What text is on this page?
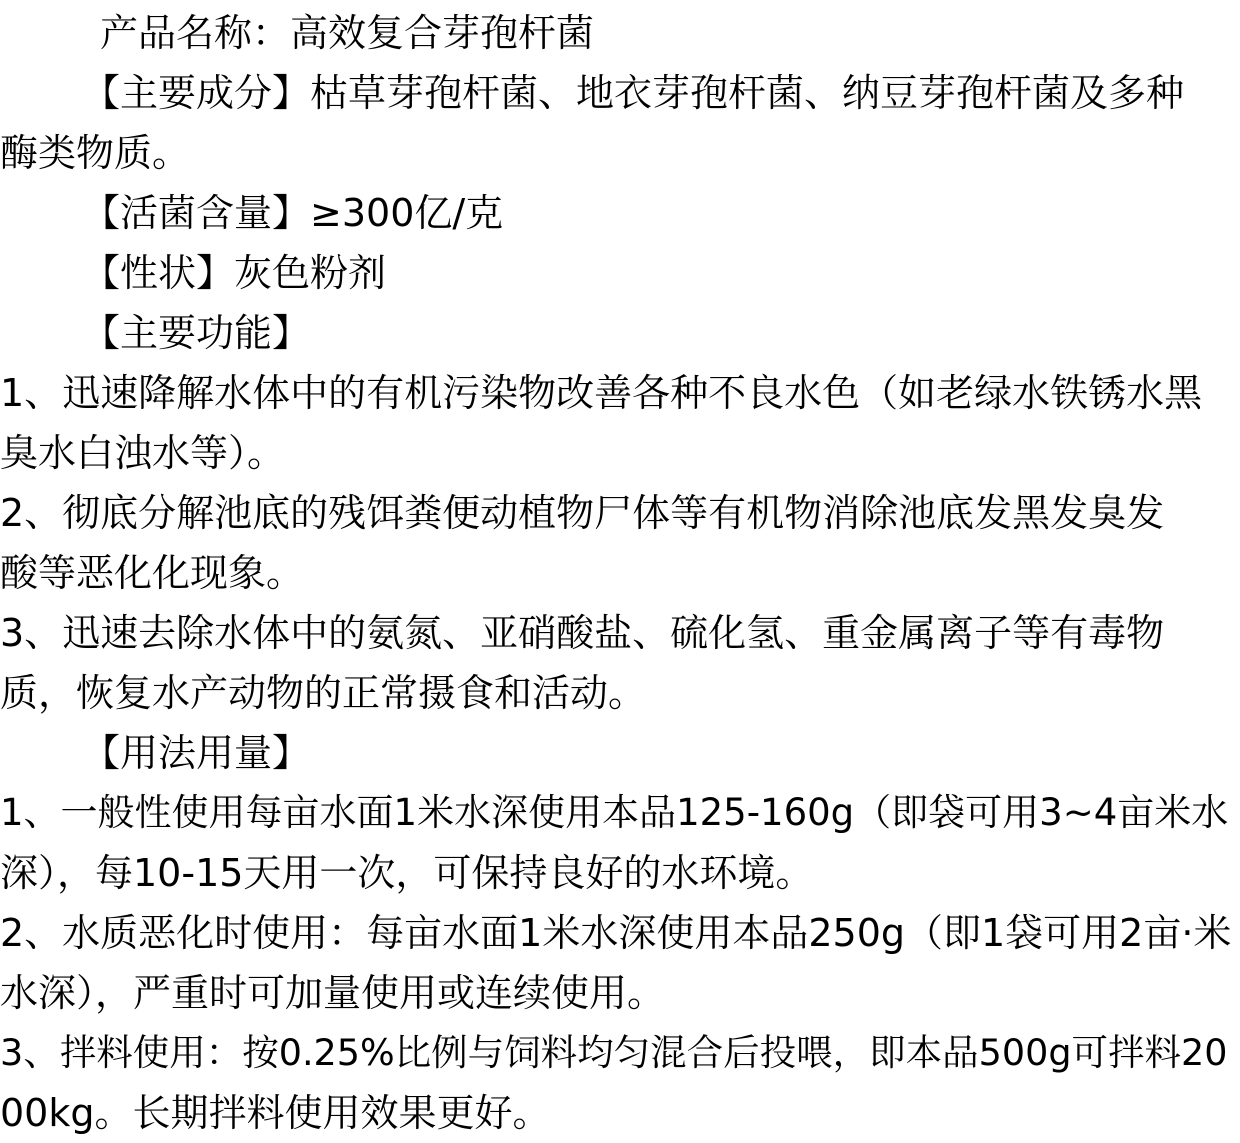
产品名称：高效复合芽孢杆菌
【主要成分】枯草芽孢杆菌、地衣芽孢杆菌、纳豆芽孢杆菌及多种
酶类物质。
【活菌含量】≥300亿/克
【性状】灰色粉剂
【主要功能】
1、迅速降解水体中的有机污染物改善各种不良水色（如老绿水铁锈水黑
臭水白浊水等）。
2、彻底分解池底的残饵粪便动植物尸体等有机物消除池底发黑发臭发
酸等恶化化现象。
3、迅速去除水体中的氨氮、亚硝酸盐、硫化氢、重金属离子等有毒物
质，恢复水产动物的正常摄食和活动。
【用法用量】
1、一般性使用每亩水面1米水深使用本品125-160g（即袋可用3~4亩米水
深），每10-15天用一次，可保持良好的水环境。
2、水质恶化时使用：每亩水面1米水深使用本品250g（即1袋可用2亩·米
水深），严重时可加量使用或连续使用。
3、拌料使用：按0.25%比例与饲料均匀混合后投喂，即本品500g可拌料20
00kg。长期拌料使用效果更好。
